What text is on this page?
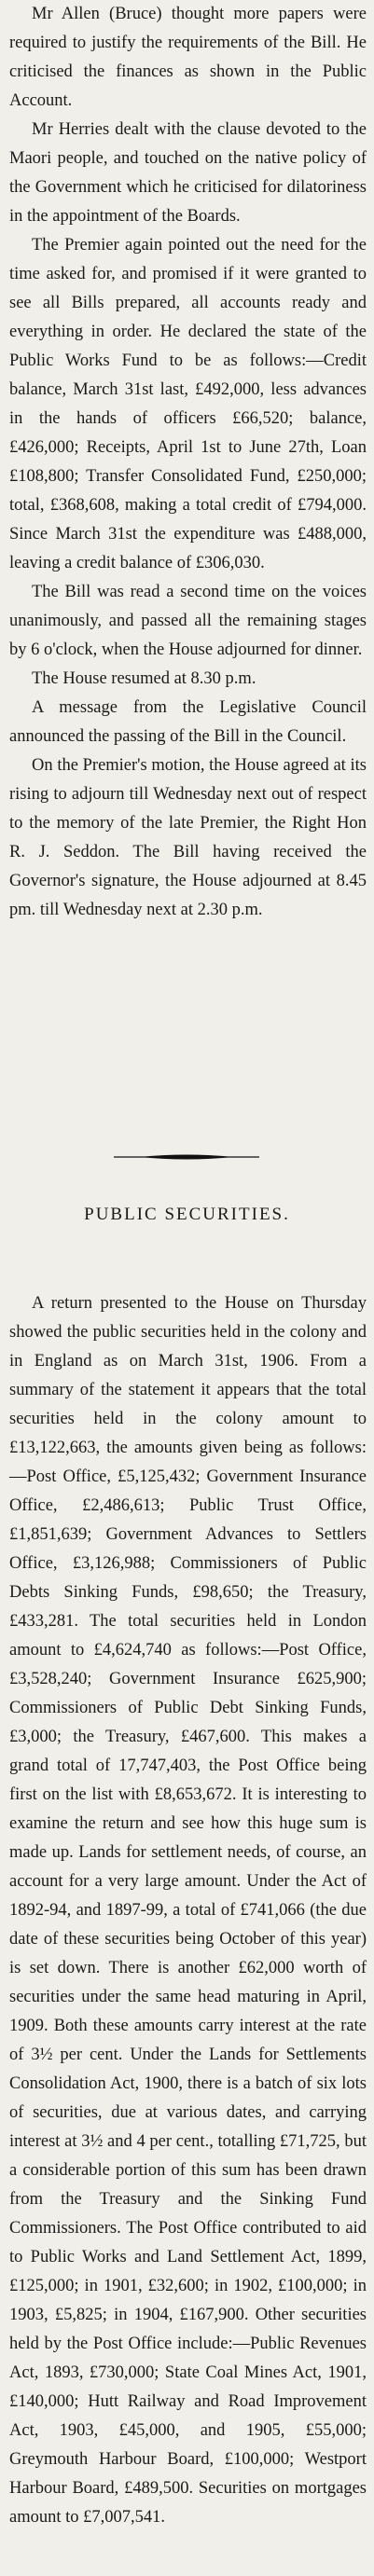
Mr Allen (Bruce) thought more papers were required to justify the requirements of the Bill. He criticised the finances as shown in the Public Account.

Mr Herries dealt with the clause devoted to the Maori people, and touched on the native policy of the Government which he criticised for dilatoriness in the appointment of the Boards.

The Premier again pointed out the need for the time asked for, and promised if it were granted to see all Bills prepared, all accounts ready and everything in order. He declared the state of the Public Works Fund to be as follows:—Credit balance, March 31st last, £492,000, less advances in the hands of officers £66,520; balance, £426,000; Receipts, April 1st to June 27th, Loan £108,800; Transfer Consolidated Fund, £250,000; total, £368,608, making a total credit of £794,000. Since March 31st the expenditure was £488,000, leaving a credit balance of £306,030.

The Bill was read a second time on the voices unanimously, and passed all the remaining stages by 6 o'clock, when the House adjourned for dinner.

The House resumed at 8.30 p.m.

A message from the Legislative Council announced the passing of the Bill in the Council.

On the Premier's motion, the House agreed at its rising to adjourn till Wednesday next out of respect to the memory of the late Premier, the Right Hon R. J. Seddon. The Bill having received the Governor's signature, the House adjourned at 8.45 pm. till Wednesday next at 2.30 p.m.

PUBLIC SECURITIES.

A return presented to the House on Thursday showed the public securities held in the colony and in England as on March 31st, 1906. From a summary of the statement it appears that the total securities held in the colony amount to £13,122,663, the amounts given being as follows:—Post Office, £5,125,432; Government Insurance Office, £2,486,613; Public Trust Office, £1,851,639; Government Advances to Settlers Office, £3,126,988; Commissioners of Public Debts Sinking Funds, £98,650; the Treasury, £433,281. The total securities held in London amount to £4,624,740 as follows:—Post Office, £3,528,240; Government Insurance £625,900; Commissioners of Public Debt Sinking Funds, £3,000; the Treasury, £467,600. This makes a grand total of 17,747,403, the Post Office being first on the list with £8,653,672. It is interesting to examine the return and see how this huge sum is made up. Lands for settlement needs, of course, an account for a very large amount. Under the Act of 1892-94, and 1897-99, a total of £741,066 (the due date of these securities being October of this year) is set down. There is another £62,000 worth of securities under the same head maturing in April, 1909. Both these amounts carry interest at the rate of 3½ per cent. Under the Lands for Settlements Consolidation Act, 1900, there is a batch of six lots of securities, due at various dates, and carrying interest at 3½ and 4 per cent., totalling £71,725, but a considerable portion of this sum has been drawn from the Treasury and the Sinking Fund Commissioners. The Post Office contributed to aid to Public Works and Land Settlement Act, 1899, £125,000; in 1901, £32,600; in 1902, £100,000; in 1903, £5,825; in 1904, £167,900. Other securities held by the Post Office include:—Public Revenues Act, 1893, £730,000; State Coal Mines Act, 1901, £140,000; Hutt Railway and Road Improvement Act, 1903, £45,000, and 1905, £55,000; Greymouth Harbour Board, £100,000; Westport Harbour Board, £489,500. Securities on mortgages amount to £7,007,541.
